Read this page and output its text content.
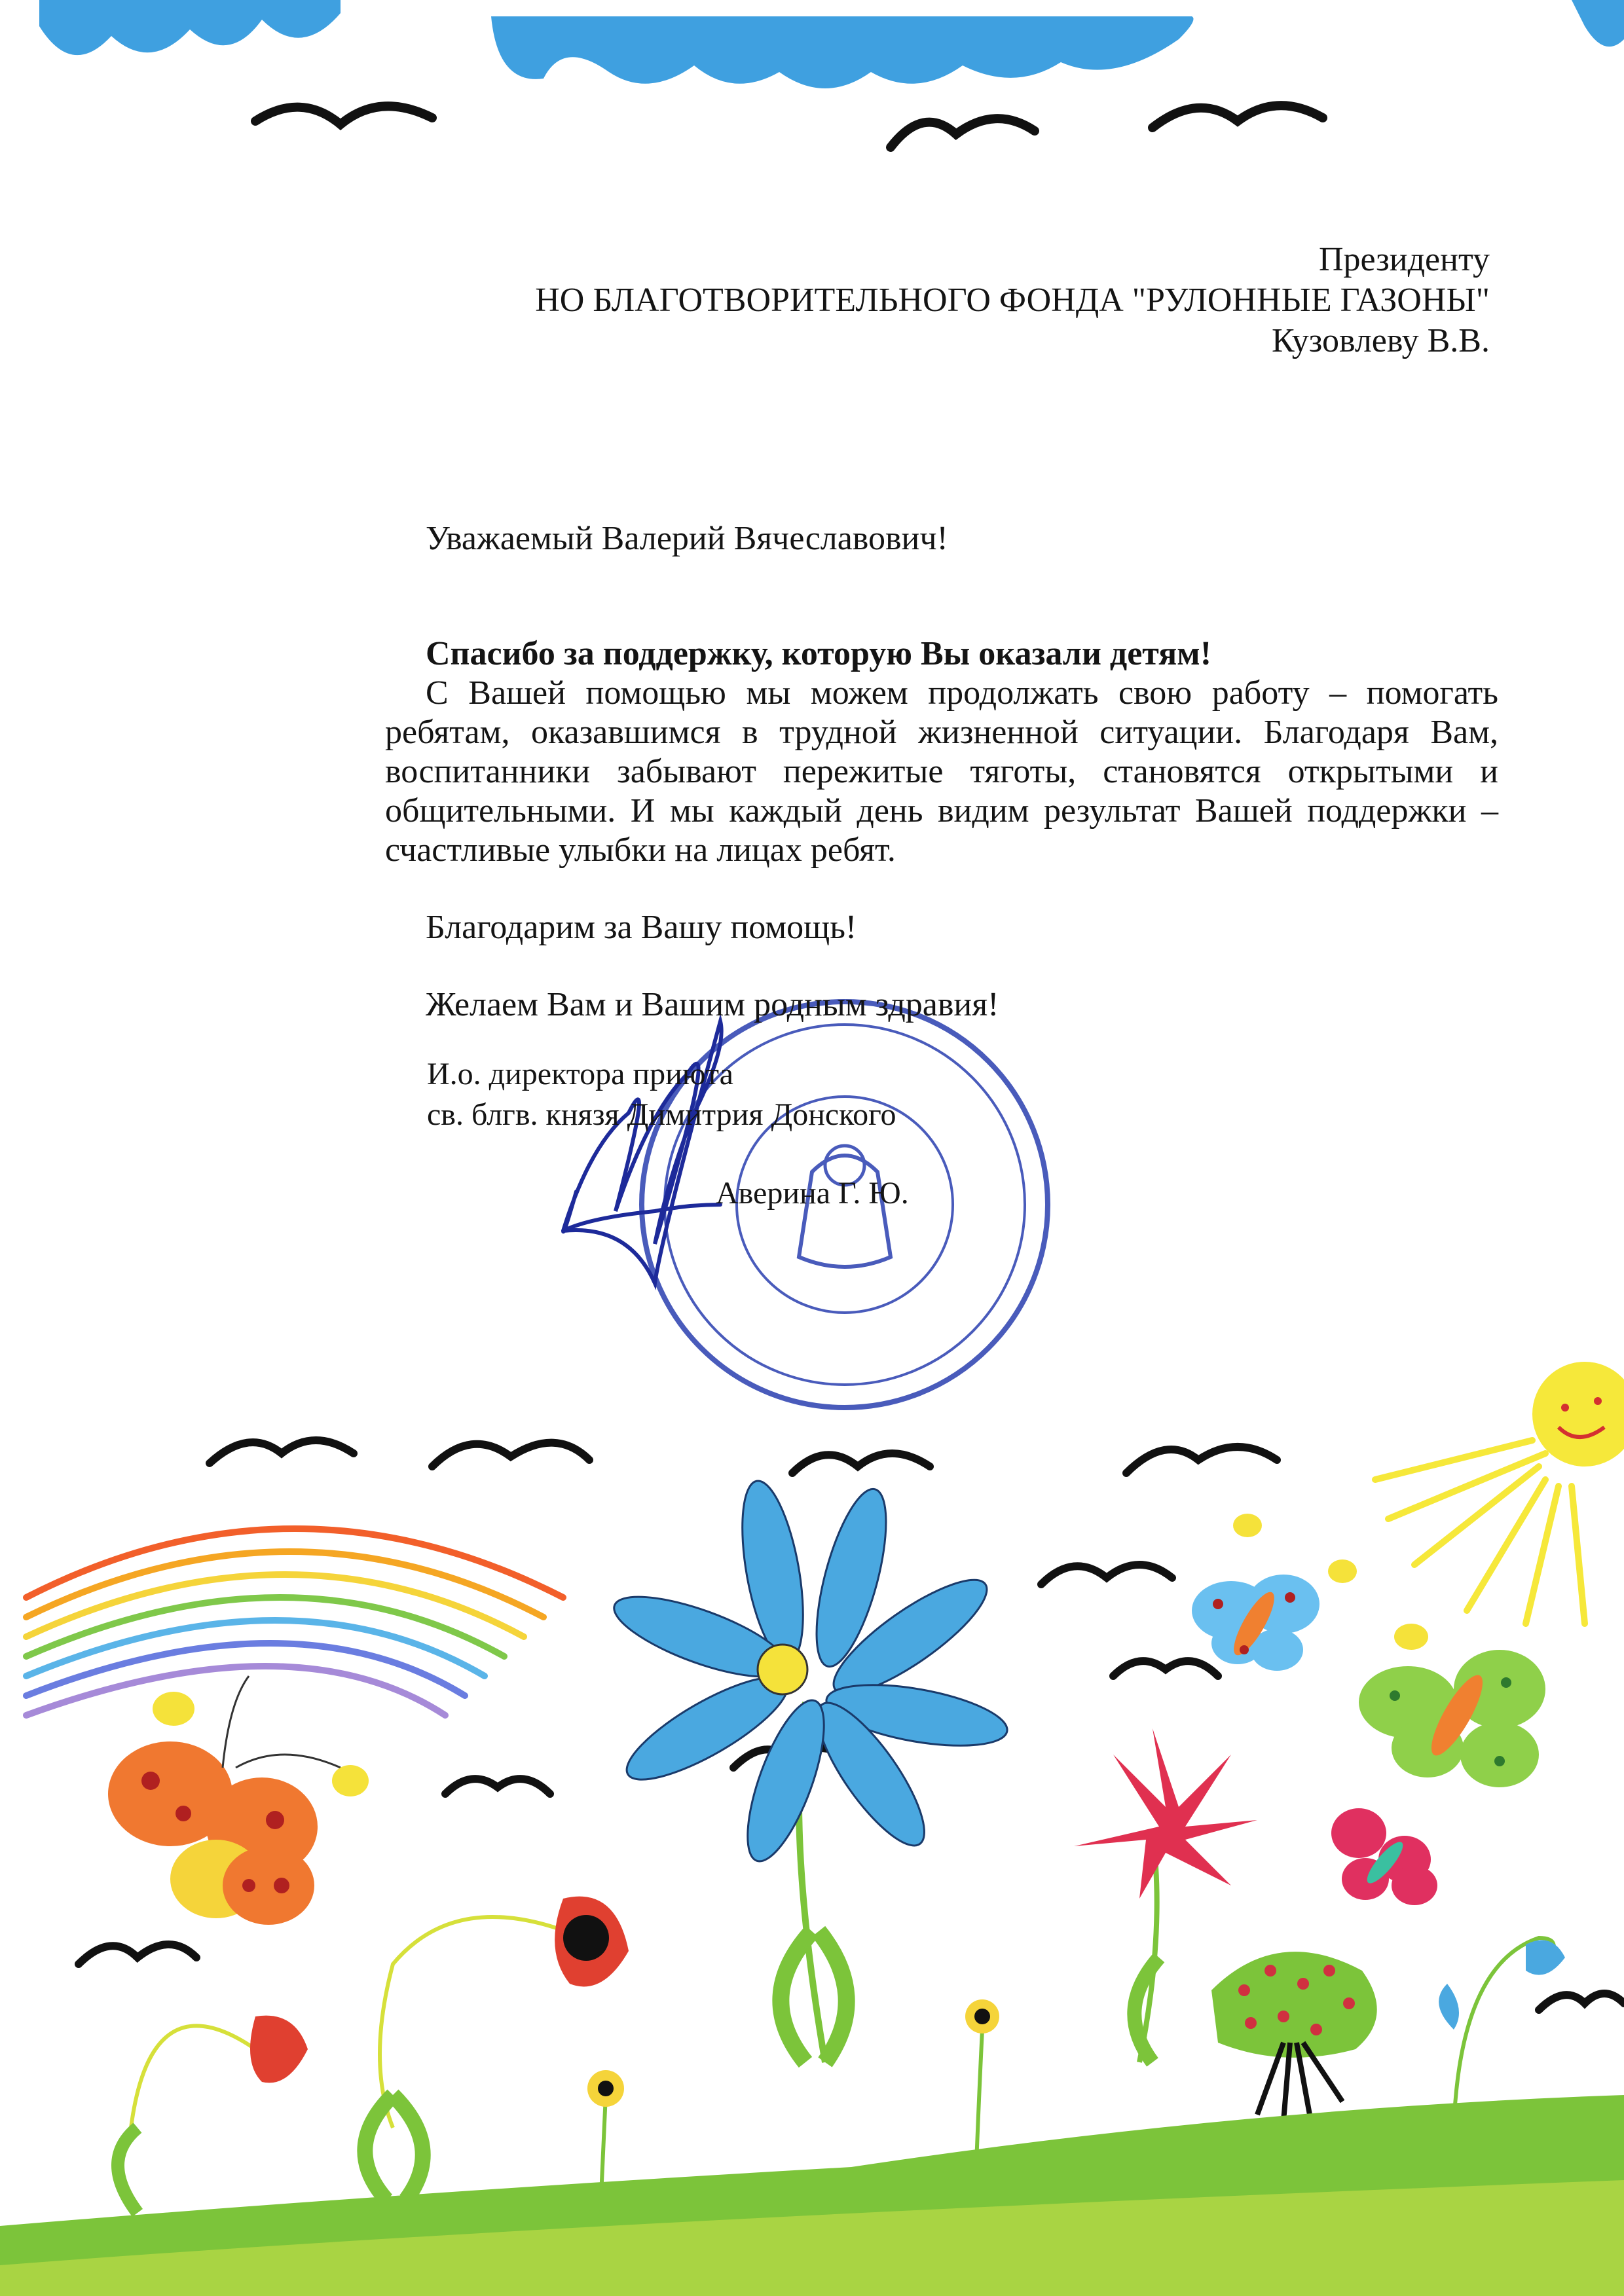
Президенту
НО БЛАГОТВОРИТЕЛЬНОГО ФОНДА "РУЛОННЫЕ ГАЗОНЫ"
Кузовлеву В.В.

Уважаемый Валерий Вячеславович!

Спасибо за поддержку, которую Вы оказали детям!

С Вашей помощью мы можем продолжать свою работу – помогать ребятам, оказавшимся в трудной жизненной ситуации. Благодаря Вам, воспитанники забывают пережитые тяготы, становятся открытыми и общительными. И мы каждый день видим результат Вашей поддержки – счастливые улыбки на лицах ребят.

Благодарим за Вашу помощь!

Желаем Вам и Вашим родным здравия!

И.о. директора приюта
св. блгв. князя Димитрия Донского
Аверина Г. Ю.
